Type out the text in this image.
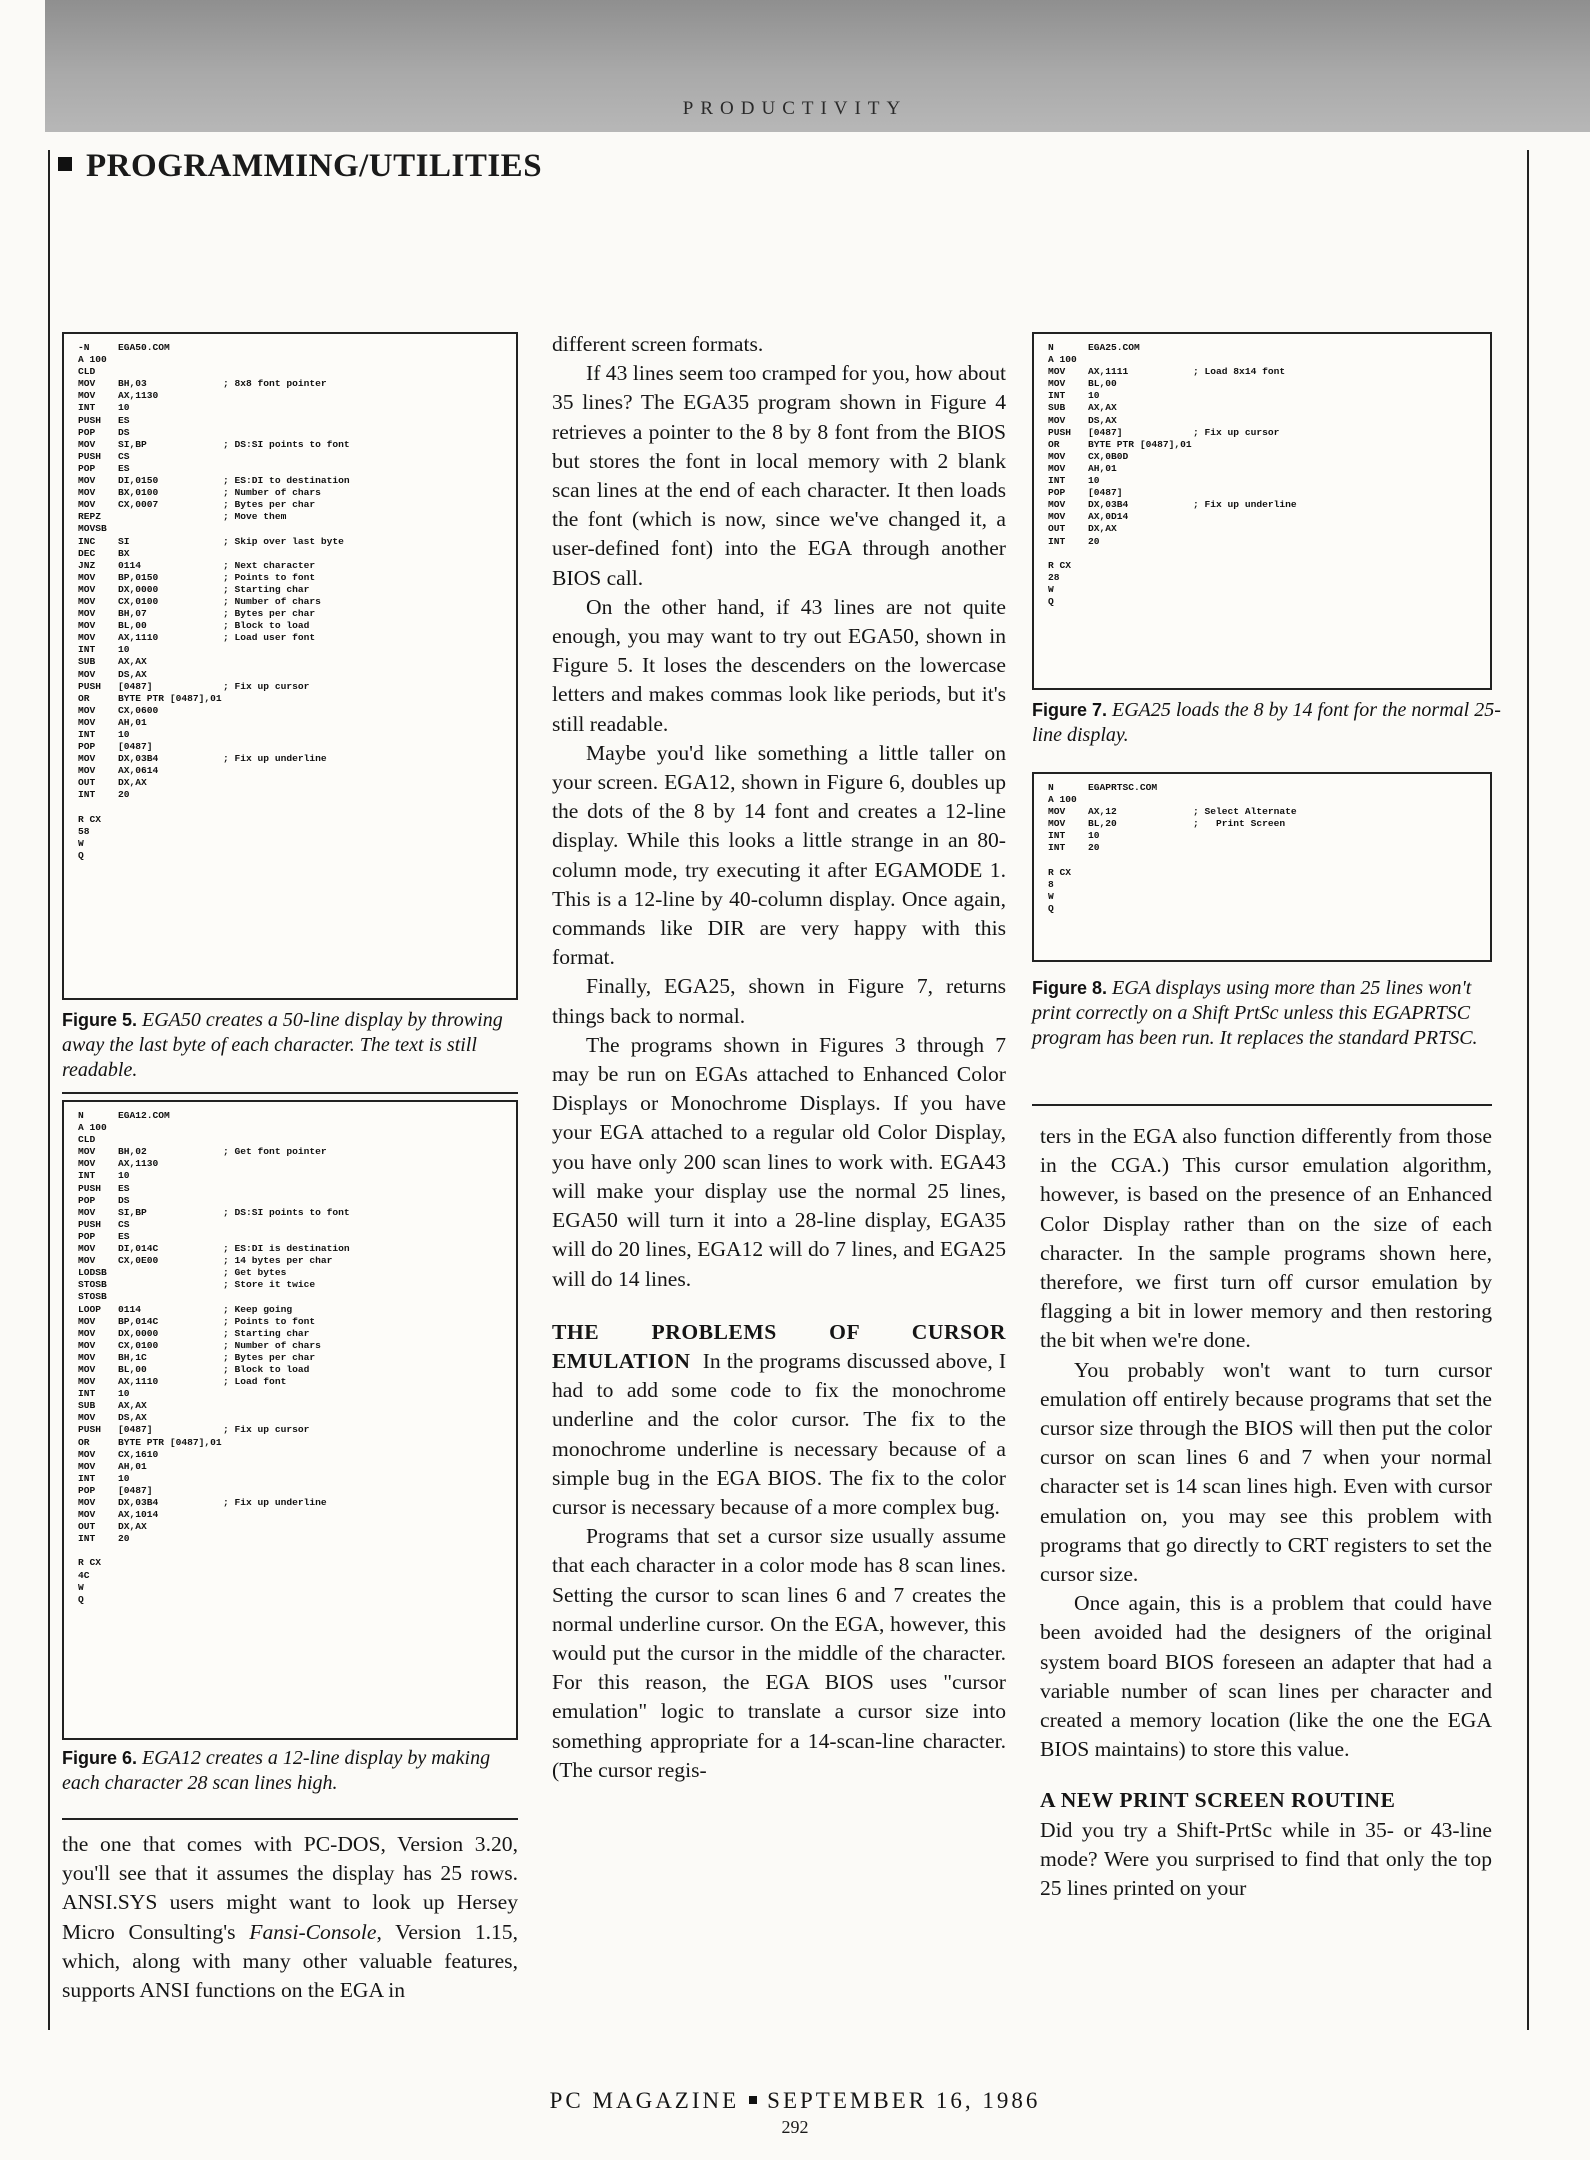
PRODUCTIVITY
PROGRAMMING/UTILITIES
-N	EGA50.COM

A 100

CLD

MOV	BH,03	; 8x8 font pointer
MOV	AX,1130

INT	10

PUSH	ES

POP	DS

MOV	SI,BP	; DS:SI points to font
PUSH	CS

POP	ES

MOV	DI,0150	; ES:DI to destination
MOV	BX,0100	; Number of chars
MOV	CX,0007	; Bytes per char
REPZ
	; Move them
MOVSB

INC	SI	; Skip over last byte
DEC	BX

JNZ	0114	; Next character
MOV	BP,0150	; Points to font
MOV	DX,0000	; Starting char
MOV	CX,0100	; Number of chars
MOV	BH,07	; Bytes per char
MOV	BL,00	; Block to load
MOV	AX,1110	; Load user font
INT	10

SUB	AX,AX

MOV	DS,AX

PUSH	[0487]	; Fix up cursor
OR	BYTE PTR [0487],01

MOV	CX,0600

MOV	AH,01

INT	10

POP	[0487]

MOV	DX,03B4	; Fix up underline
MOV	AX,0614

OUT	DX,AX

INT	20

R CX

58

W

Q

Figure 5. EGA50 creates a 50-line display by throwing away the last byte of each character. The text is still readable.
N	EGA12.COM

A 100

CLD

MOV	BH,02	; Get font pointer
MOV	AX,1130

INT	10

PUSH	ES

POP	DS

MOV	SI,BP	; DS:SI points to font
PUSH	CS

POP	ES

MOV	DI,014C	; ES:DI is destination
MOV	CX,0E00	; 14 bytes per char
LODSB
	; Get bytes
STOSB
	; Store it twice
STOSB

LOOP	0114	; Keep going
MOV	BP,014C	; Points to font
MOV	DX,0000	; Starting char
MOV	CX,0100	; Number of chars
MOV	BH,1C	; Bytes per char
MOV	BL,00	; Block to load
MOV	AX,1110	; Load font
INT	10

SUB	AX,AX

MOV	DS,AX

PUSH	[0487]	; Fix up cursor
OR	BYTE PTR [0487],01

MOV	CX,1610

MOV	AH,01

INT	10

POP	[0487]

MOV	DX,03B4	; Fix up underline
MOV	AX,1014

OUT	DX,AX

INT	20

R CX

4C

W

Q

Figure 6. EGA12 creates a 12-line display by making each character 28 scan lines high.

the one that comes with PC-DOS, Version 3.20, you'll see that it assumes the display has 25 rows. ANSI.SYS users might want to look up Hersey Micro Consulting's Fansi-Console, Version 1.15, which, along with many other valuable features, supports ANSI functions on the EGA in

different screen formats.

If 43 lines seem too cramped for you, how about 35 lines? The EGA35 program shown in Figure 4 retrieves a pointer to the 8 by 8 font from the BIOS but stores the font in local memory with 2 blank scan lines at the end of each character. It then loads the font (which is now, since we've changed it, a user-defined font) into the EGA through another BIOS call.

On the other hand, if 43 lines are not quite enough, you may want to try out EGA50, shown in Figure 5. It loses the descenders on the lowercase letters and makes commas look like periods, but it's still readable.

Maybe you'd like something a little taller on your screen. EGA12, shown in Figure 6, doubles up the dots of the 8 by 14 font and creates a 12-line display. While this looks a little strange in an 80-column mode, try executing it after EGAMODE 1. This is a 12-line by 40-column display. Once again, commands like DIR are very happy with this format.

Finally, EGA25, shown in Figure 7, returns things back to normal.

The programs shown in Figures 3 through 7 may be run on EGAs attached to Enhanced Color Displays or Monochrome Displays. If you have your EGA attached to a regular old Color Display, you have only 200 scan lines to work with. EGA43 will make your display use the normal 25 lines, EGA50 will turn it into a 28-line display, EGA35 will do 20 lines, EGA12 will do 7 lines, and EGA25 will do 14 lines.

THE PROBLEMS OF CURSOR EMULATION In the programs discussed above, I had to add some code to fix the monochrome underline and the color cursor. The fix to the monochrome underline is necessary because of a simple bug in the EGA BIOS. The fix to the color cursor is necessary because of a more complex bug.

Programs that set a cursor size usually assume that each character in a color mode has 8 scan lines. Setting the cursor to scan lines 6 and 7 creates the normal underline cursor. On the EGA, however, this would put the cursor in the middle of the character. For this reason, the EGA BIOS uses "cursor emulation" logic to translate a cursor size into something appropriate for a 14-scan-line character. (The cursor regis-

N	EGA25.COM

A 100

MOV	AX,1111	; Load 8x14 font
MOV	BL,00

INT	10

SUB	AX,AX

MOV	DS,AX

PUSH	[0487]	; Fix up cursor
OR	BYTE PTR [0487],01

MOV	CX,0B0D

MOV	AH,01

INT	10

POP	[0487]

MOV	DX,03B4	; Fix up underline
MOV	AX,0D14

OUT	DX,AX

INT	20

R CX

28

W

Q

Figure 7. EGA25 loads the 8 by 14 font for the normal 25-line display.
N	EGAPRTSC.COM

A 100

MOV	AX,12	; Select Alternate
MOV	BL,20	;   Print Screen
INT	10

INT	20

R CX

8

W

Q

Figure 8. EGA displays using more than 25 lines won't print correctly on a Shift PrtSc unless this EGAPRTSC program has been run. It replaces the standard PRTSC.

ters in the EGA also function differently from those in the CGA.) This cursor emulation algorithm, however, is based on the presence of an Enhanced Color Display rather than on the size of each character. In the sample programs shown here, therefore, we first turn off cursor emulation by flagging a bit in lower memory and then restoring the bit when we're done.

You probably won't want to turn cursor emulation off entirely because programs that set the cursor size through the BIOS will then put the color cursor on scan lines 6 and 7 when your normal character set is 14 scan lines high. Even with cursor emulation on, you may see this problem with programs that go directly to CRT registers to set the cursor size.

Once again, this is a problem that could have been avoided had the designers of the original system board BIOS foreseen an adapter that had a variable number of scan lines per character and created a memory location (like the one the EGA BIOS maintains) to store this value.

A NEW PRINT SCREEN ROUTINE
Did you try a Shift-PrtSc while in 35- or 43-line mode? Were you surprised to find that only the top 25 lines printed on your

PC MAGAZINE SEPTEMBER 16, 1986
292
